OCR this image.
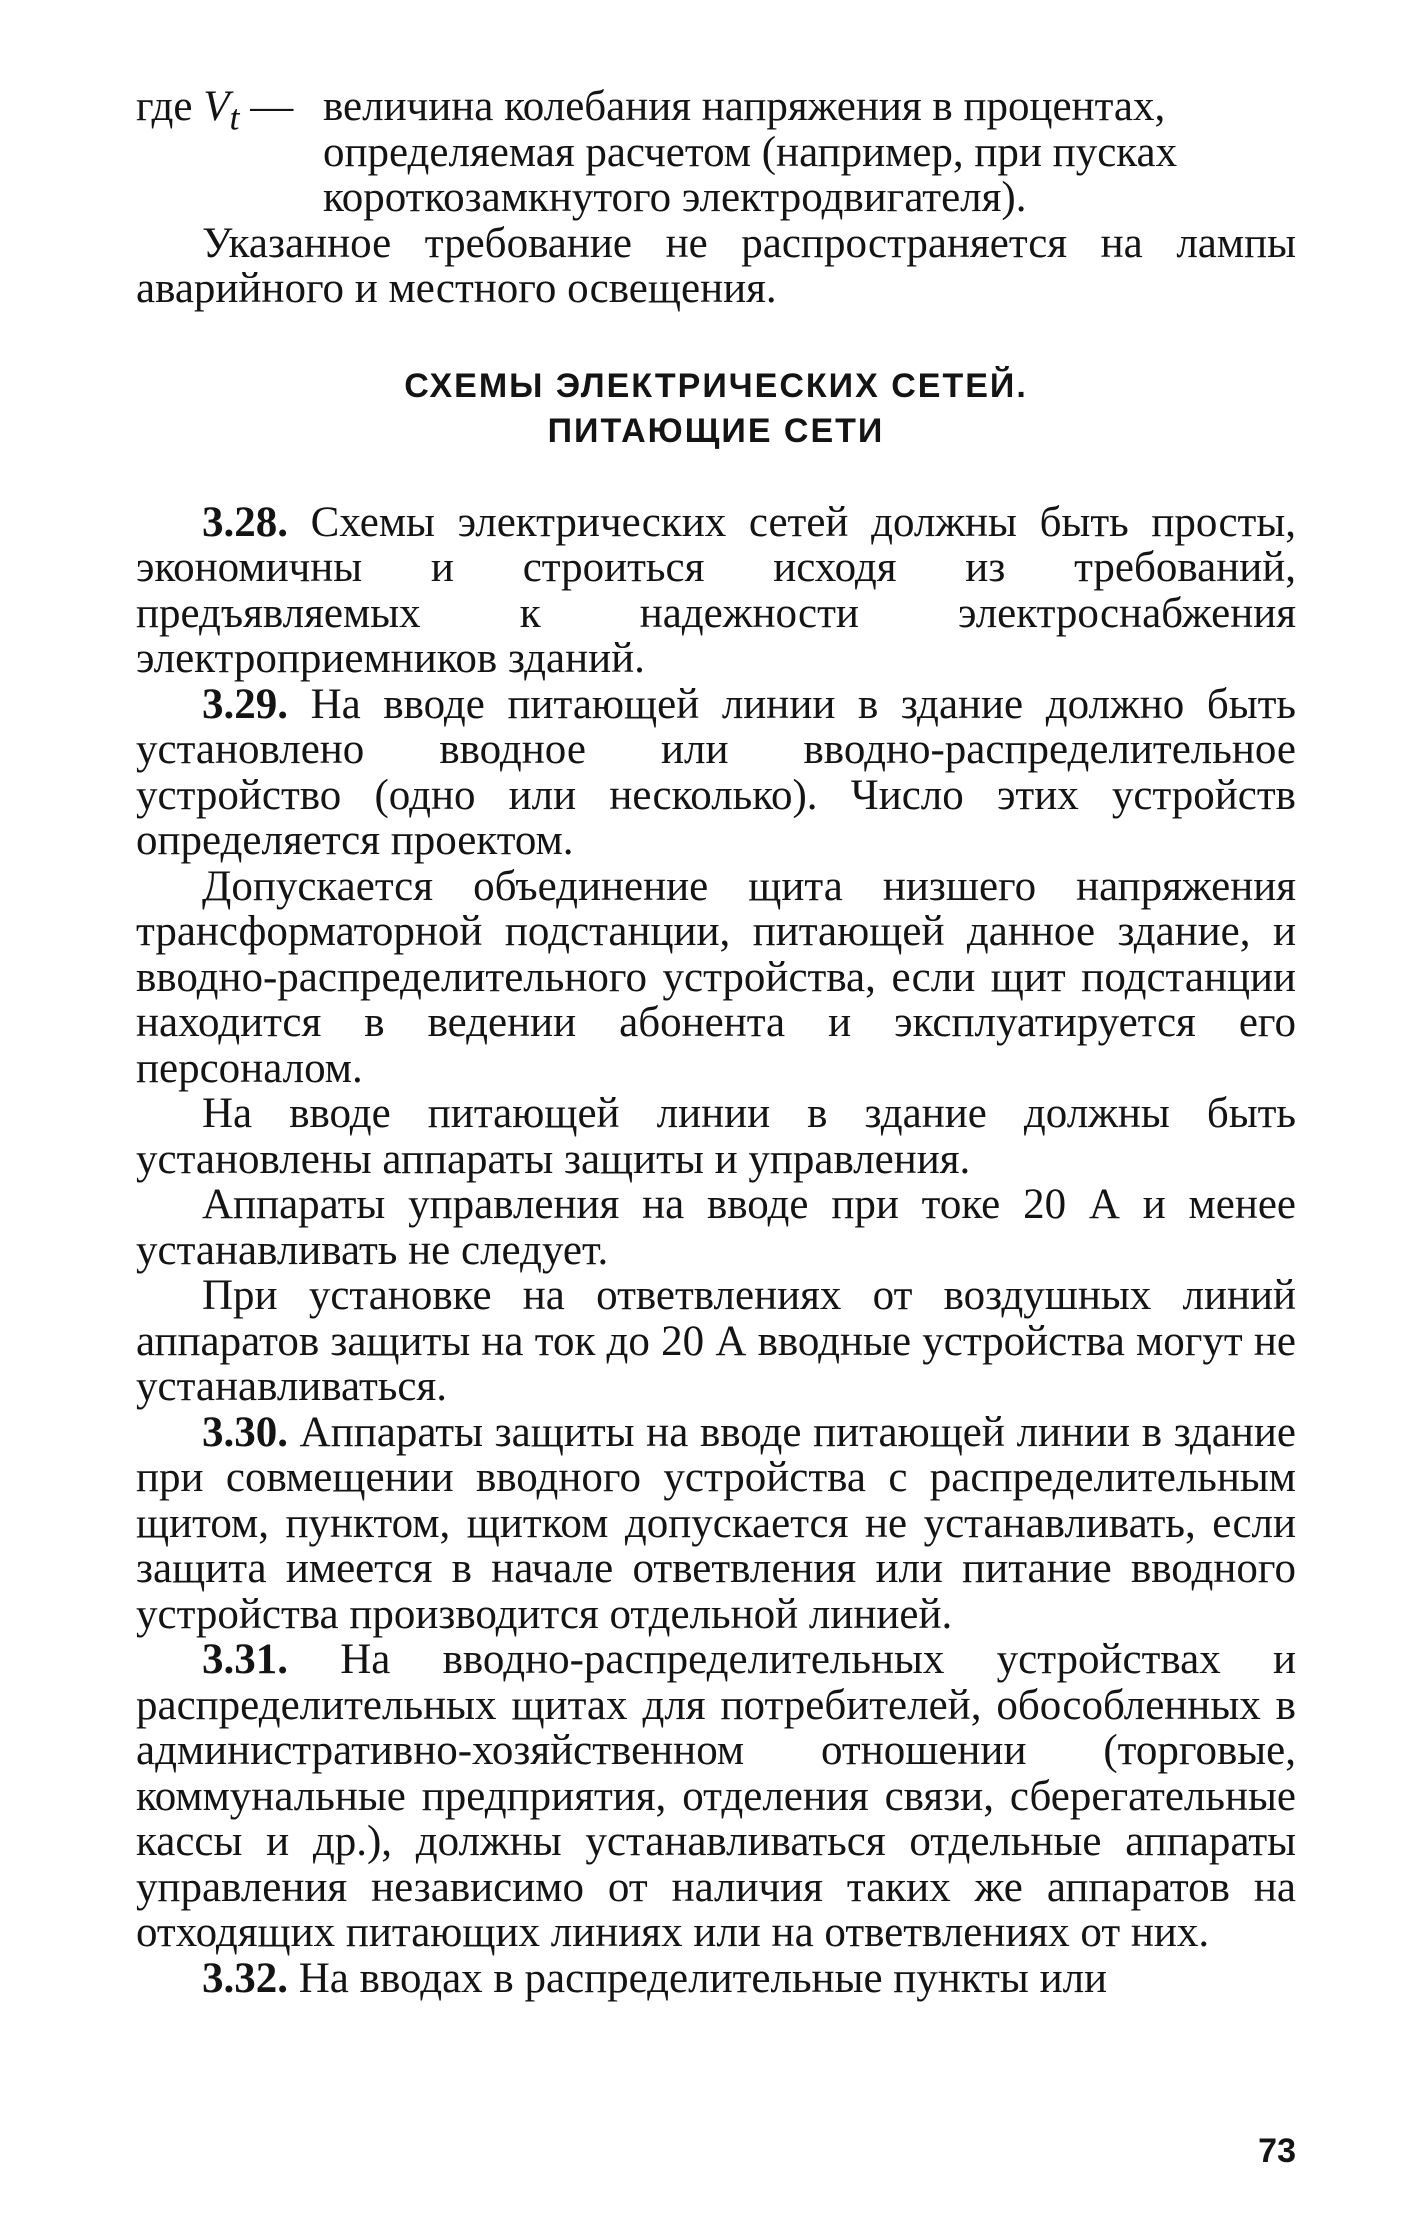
где $V_t$ — величина колебания напряжения в процентах, определяемая расчетом (например, при пусках короткозамкнутого электродвигателя).

Указанное требование не распространяется на лампы аварийного и местного освещения.

СХЕМЫ ЭЛЕКТРИЧЕСКИХ СЕТЕЙ.
ПИТАЮЩИЕ СЕТИ

3.28. Схемы электрических сетей должны быть просты, экономичны и строиться исходя из требований, предъявляемых к надежности электроснабжения электроприемников зданий.

3.29. На вводе питающей линии в здание должно быть установлено вводное или вводно-распределительное устройство (одно или несколько). Число этих устройств определяется проектом.

Допускается объединение щита низшего напряжения трансформаторной подстанции, питающей данное здание, и вводно-распределительного устройства, если щит подстанции находится в ведении абонента и эксплуатируется его персоналом.

На вводе питающей линии в здание должны быть установлены аппараты защиты и управления.

Аппараты управления на вводе при токе 20 А и менее устанавливать не следует.

При установке на ответвлениях от воздушных линий аппаратов защиты на ток до 20 А вводные устройства могут не устанавливаться.

3.30. Аппараты защиты на вводе питающей линии в здание при совмещении вводного устройства с распределительным щитом, пунктом, щитком допускается не устанавливать, если защита имеется в начале ответвления или питание вводного устройства производится отдельной линией.

3.31. На вводно-распределительных устройствах и распределительных щитах для потребителей, обособленных в административно-хозяйственном отношении (торговые, коммунальные предприятия, отделения связи, сберегательные кассы и др.), должны устанавливаться отдельные аппараты управления независимо от наличия таких же аппаратов на отходящих питающих линиях или на ответвлениях от них.

3.32. На вводах в распределительные пункты или

73
